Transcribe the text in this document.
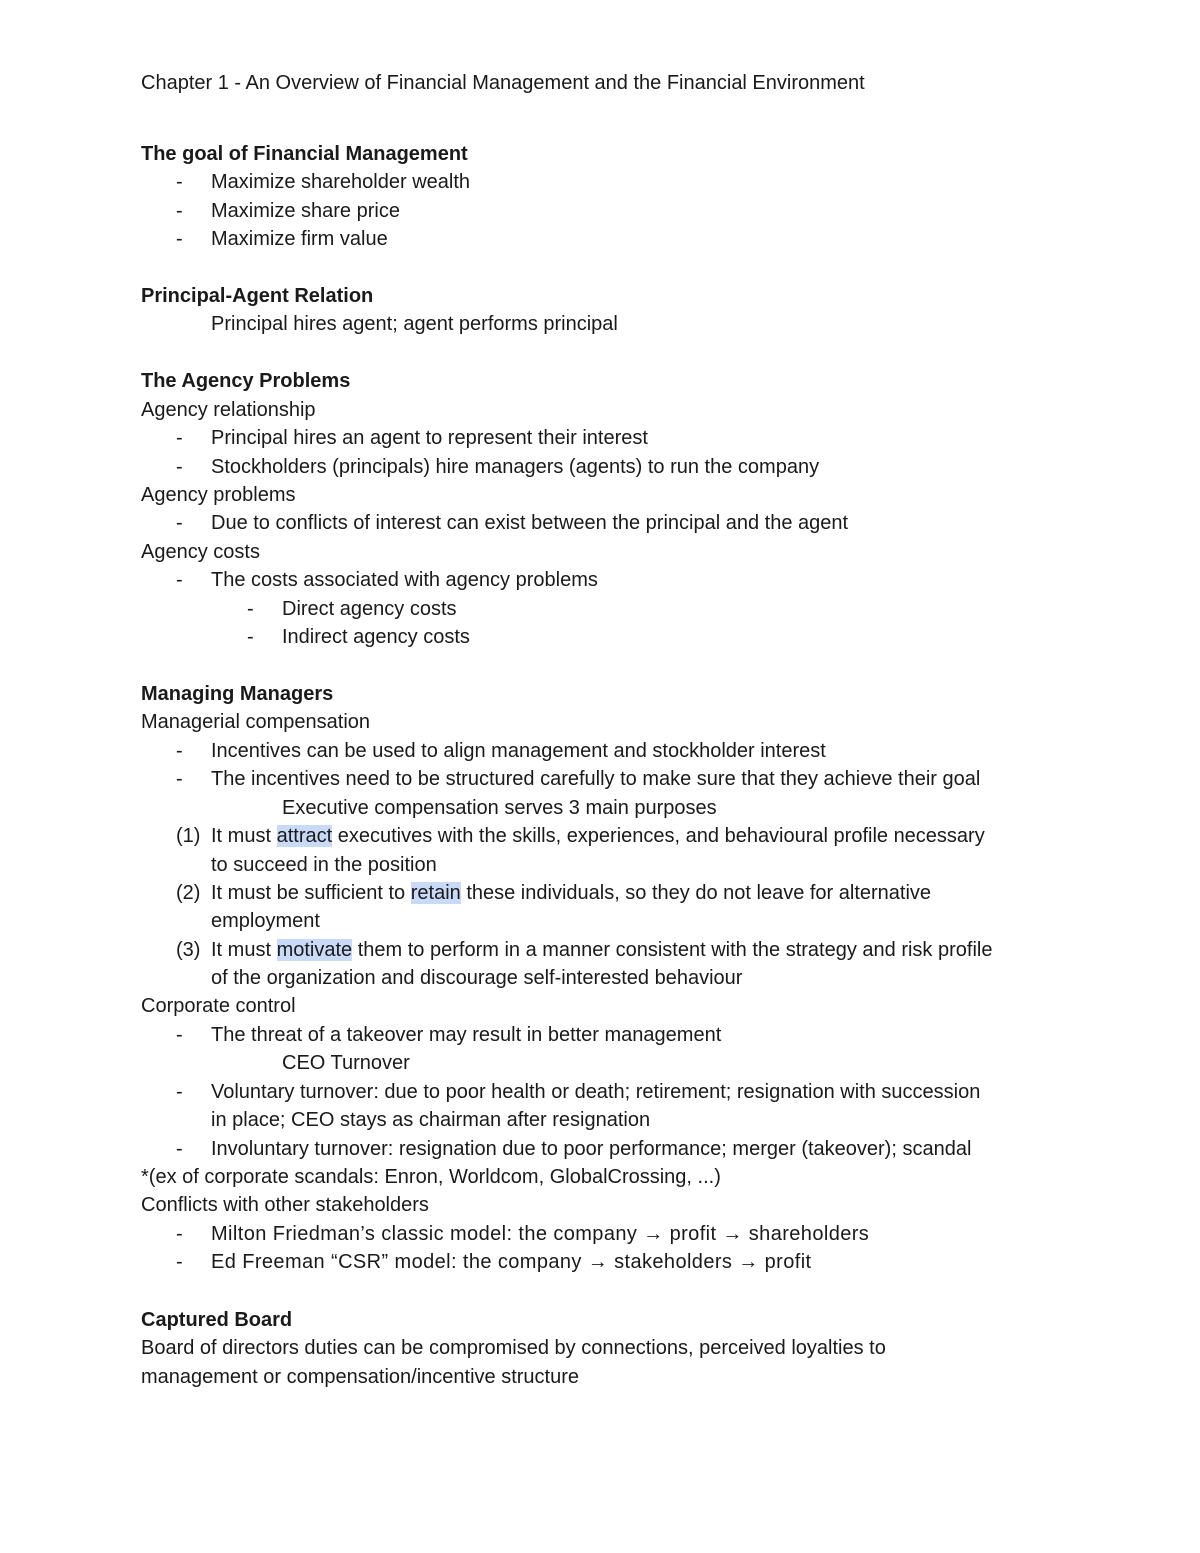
Chapter 1 - An Overview of Financial Management and the Financial Environment
The goal of Financial Management
- Maximize shareholder wealth
- Maximize share price
- Maximize firm value
Principal-Agent Relation
Principal hires agent; agent performs principal
The Agency Problems
Agency relationship
- Principal hires an agent to represent their interest
- Stockholders (principals) hire managers (agents) to run the company
Agency problems
- Due to conflicts of interest can exist between the principal and the agent
Agency costs
- The costs associated with agency problems
- Direct agency costs
- Indirect agency costs
Managing Managers
Managerial compensation
- Incentives can be used to align management and stockholder interest
- The incentives need to be structured carefully to make sure that they achieve their goal
Executive compensation serves 3 main purposes
(1) It must attract executives with the skills, experiences, and behavioural profile necessary
to succeed in the position
(2) It must be sufficient to retain these individuals, so they do not leave for alternative
employment
(3) It must motivate them to perform in a manner consistent with the strategy and risk profile
of the organization and discourage self-interested behaviour
Corporate control
- The threat of a takeover may result in better management
CEO Turnover
- Voluntary turnover: due to poor health or death; retirement; resignation with succession
in place; CEO stays as chairman after resignation
- Involuntary turnover: resignation due to poor performance; merger (takeover); scandal
*(ex of corporate scandals: Enron, Worldcom, GlobalCrossing, ...)
Conflicts with other stakeholders
- Milton Friedman’s classic model: the company → profit → shareholders
- Ed Freeman “CSR” model: the company → stakeholders → profit
Captured Board
Board of directors duties can be compromised by connections, perceived loyalties to
management or compensation/incentive structure
